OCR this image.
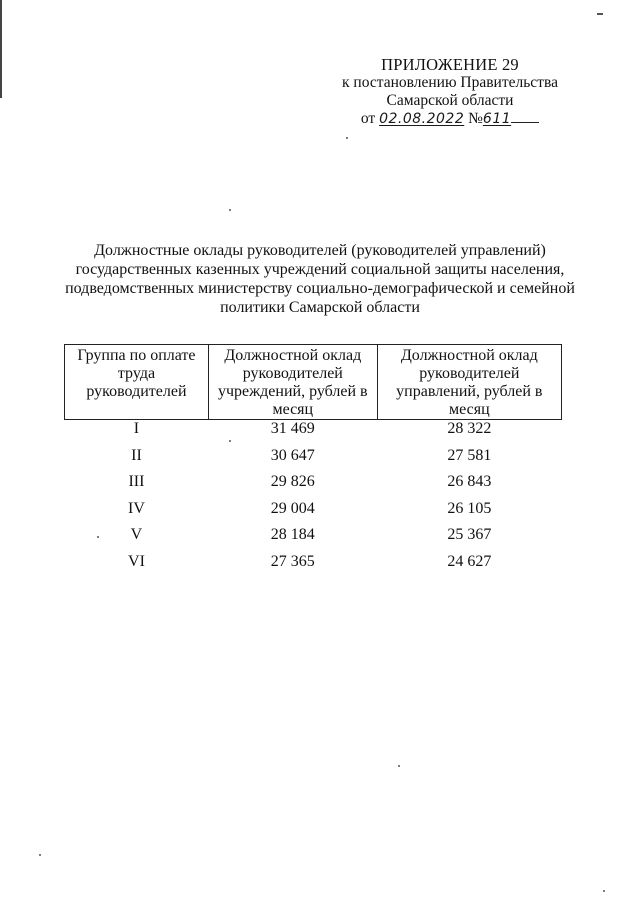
ПРИЛОЖЕНИЕ 29
к постановлению Правительства
Самарской области
от 02.08.2022 №611
Должностные оклады руководителей (руководителей управлений)
государственных казенных учреждений социальной защиты населения,
подведомственных министерству социально-демографической и семейной
политики Самарской области
Группа по оплате труда руководителей	Должностной оклад руководителей учреждений, рублей в месяц	Должностной оклад руководителей управлений, рублей в месяц
I	31 469	28 322
II	30 647	27 581
III	29 826	26 843
IV	29 004	26 105
V	28 184	25 367
VI	27 365	24 627
